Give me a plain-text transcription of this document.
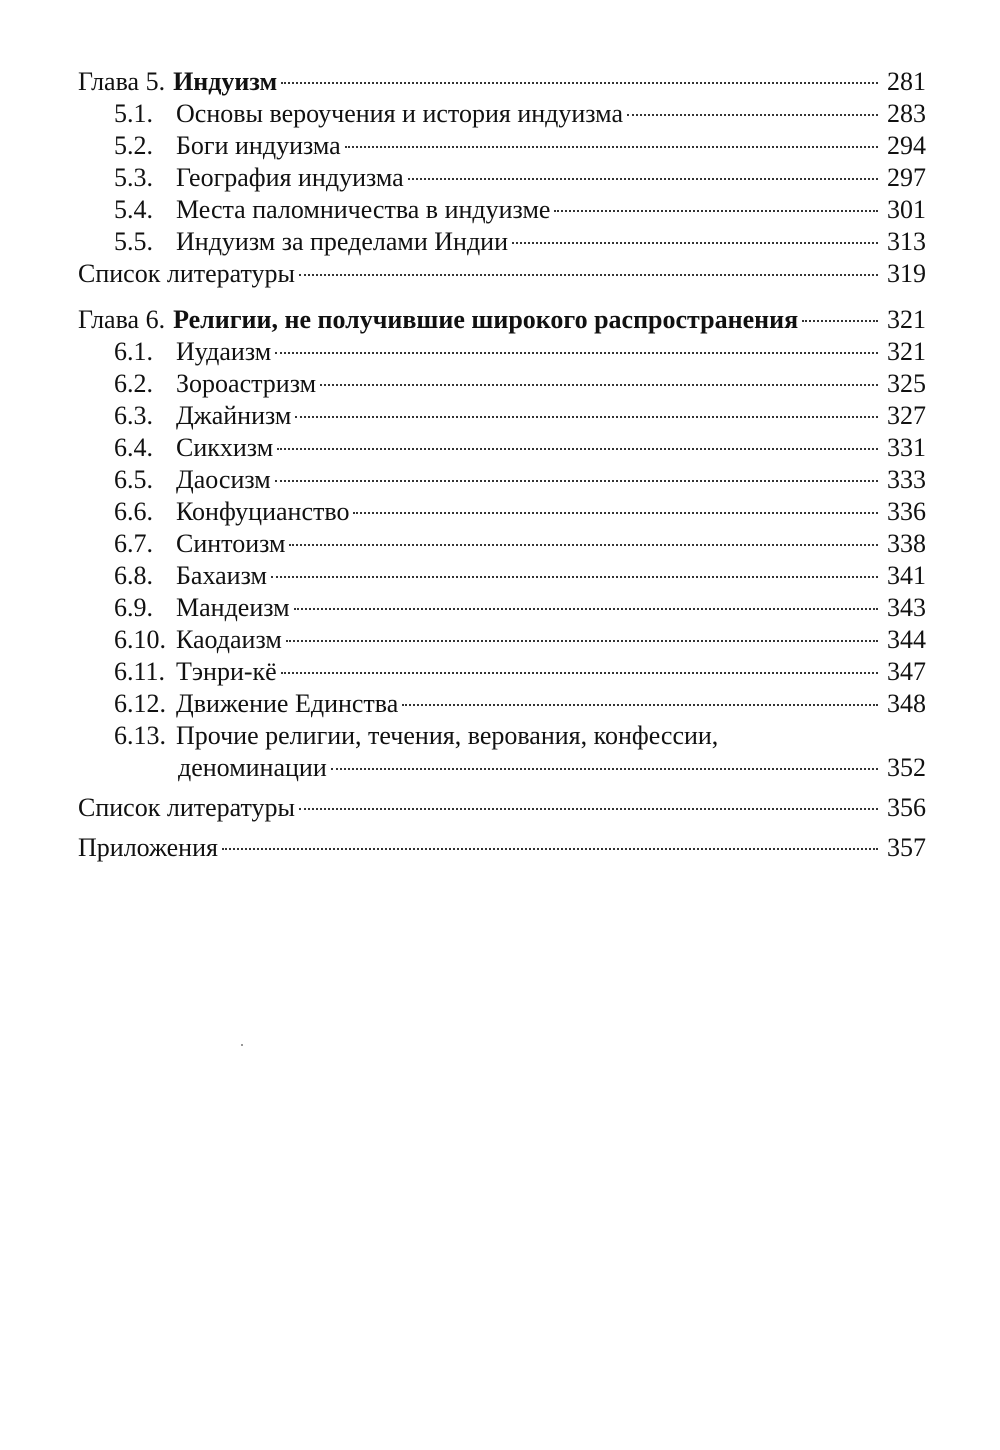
Глава 5. Индуизм	281
5.1. Основы вероучения и история индуизма	283
5.2. Боги индуизма	294
5.3. География индуизма	297
5.4. Места паломничества в индуизме	301
5.5. Индуизм за пределами Индии	313
Список литературы	319
Глава 6. Религии, не получившие широкого распространения	321
6.1. Иудаизм	321
6.2. Зороастризм	325
6.3. Джайнизм	327
6.4. Сикхизм	331
6.5. Даосизм	333
6.6. Конфуцианство	336
6.7. Синтоизм	338
6.8. Бахаизм	341
6.9. Мандеизм	343
6.10. Каодаизм	344
6.11. Тэнри-кё	347
6.12. Движение Единства	348
6.13. Прочие религии, течения, верования, конфессии,
деноминации	352
Список литературы	356
Приложения	357
